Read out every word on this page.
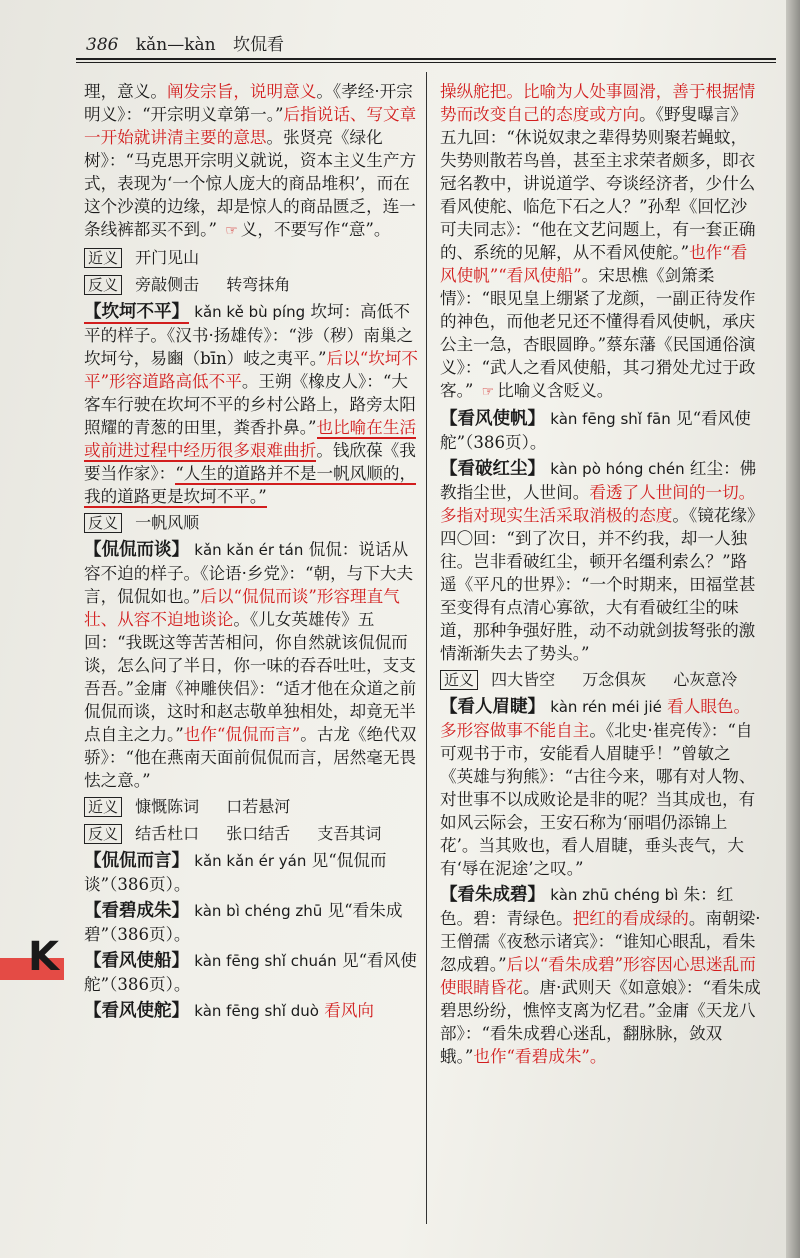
386 kǎn—kàn 坎侃看
理，意义。阐发宗旨，说明意义。《孝经·开宗明义》：“开宗明义章第一。”后指说话、写文章一开始就讲清主要的意思。张贤亮《绿化树》：“马克思开宗明义就说，资本主义生产方式，表现为‘一个惊人庞大的商品堆积’，而在这个沙漠的边缘，却是惊人的商品匮乏，连一条线裤都买不到。” ☞ 义，不要写作“意”。
近义 开门见山
反义 旁敲侧击 转弯抹角
【坎坷不平】 kǎn kě bù píng 坎坷：高低不平的样子。《汉书·扬雄传》：“涉（秽）南巢之坎坷兮，易豳（bīn）岐之夷平。”后以“坎坷不平”形容道路高低不平。王朔《橡皮人》：“大客车行驶在坎坷不平的乡村公路上，路旁太阳照耀的青葱的田里，粪香扑鼻。”也比喻在生活或前进过程中经历很多艰难曲折。钱欣葆《我要当作家》：“人生的道路并不是一帆风顺的，我的道路更是坎坷不平。”
反义 一帆风顺
【侃侃而谈】 kǎn kǎn ér tán 侃侃：说话从容不迫的样子。《论语·乡党》：“朝，与下大夫言，侃侃如也。”后以“侃侃而谈”形容理直气壮、从容不迫地谈论。《儿女英雄传》五回：“我既这等苦苦相问，你自然就该侃侃而谈，怎么问了半日，你一味的吞吞吐吐，支支吾吾。”金庸《神雕侠侣》：“适才他在众道之前侃侃而谈，这时和赵志敬单独相处，却竟无半点自主之力。”也作“侃侃而言”。古龙《绝代双骄》：“他在燕南天面前侃侃而言，居然毫无畏怯之意。”
近义 慷慨陈词 口若悬河
反义 结舌杜口 张口结舌 支吾其词
【侃侃而言】 kǎn kǎn ér yán 见“侃侃而谈”（386页）。
【看碧成朱】 kàn bì chéng zhū 见“看朱成碧”（386页）。
【看风使船】 kàn fēng shǐ chuán 见“看风使舵”（386页）。
【看风使舵】 kàn fēng shǐ duò 看风向
操纵舵把。比喻为人处事圆滑，善于根据情势而改变自己的态度或方向。《野叟曝言》五九回：“休说奴隶之辈得势则聚若蝇蚊，失势则散若鸟兽，甚至主求荣者颇多，即衣冠名教中，讲说道学、夸谈经济者，少什么看风使舵、临危下石之人？”孙犁《回忆沙可夫同志》：“他在文艺问题上，有一套正确的、系统的见解，从不看风使舵。”也作“看风使帆”“看风使船”。宋思樵《剑箫柔情》：“眼见皇上绷紧了龙颜，一副正待发作的神色，而他老兄还不懂得看风使帆，承庆公主一急，杏眼圆睁。”蔡东藩《民国通俗演义》：“武人之看风使船，其刁猾处尤过于政客。” ☞ 比喻义含贬义。
【看风使帆】 kàn fēng shǐ fān 见“看风使舵”（386页）。
【看破红尘】 kàn pò hóng chén 红尘：佛教指尘世，人世间。看透了人世间的一切。多指对现实生活采取消极的态度。《镜花缘》四〇回：“到了次日，并不约我，却一人独往。岂非看破红尘，顿开名缰利索么？”路遥《平凡的世界》：“一个时期来，田福堂甚至变得有点清心寡欲，大有看破红尘的味道，那种争强好胜，动不动就剑拔弩张的激情渐渐失去了势头。”
近义 四大皆空 万念俱灰 心灰意冷
【看人眉睫】 kàn rén méi jié 看人眼色。多形容做事不能自主。《北史·崔亮传》：“自可观书于市，安能看人眉睫乎！”曾敏之《英雄与狗熊》：“古往今来，哪有对人物、对世事不以成败论是非的呢？当其成也，有如风云际会，王安石称为‘丽唱仍添锦上花’。当其败也，看人眉睫，垂头丧气，大有‘辱在泥途’之叹。”
【看朱成碧】 kàn zhū chéng bì 朱：红色。碧：青绿色。把红的看成绿的。南朝梁·王僧孺《夜愁示诸宾》：“谁知心眼乱，看朱忽成碧。”后以“看朱成碧”形容因心思迷乱而使眼睛昏花。唐·武则天《如意娘》：“看朱成碧思纷纷，憔悴支离为忆君。”金庸《天龙八部》：“看朱成碧心迷乱，翻脉脉，敛双蛾。”也作“看碧成朱”。
K
